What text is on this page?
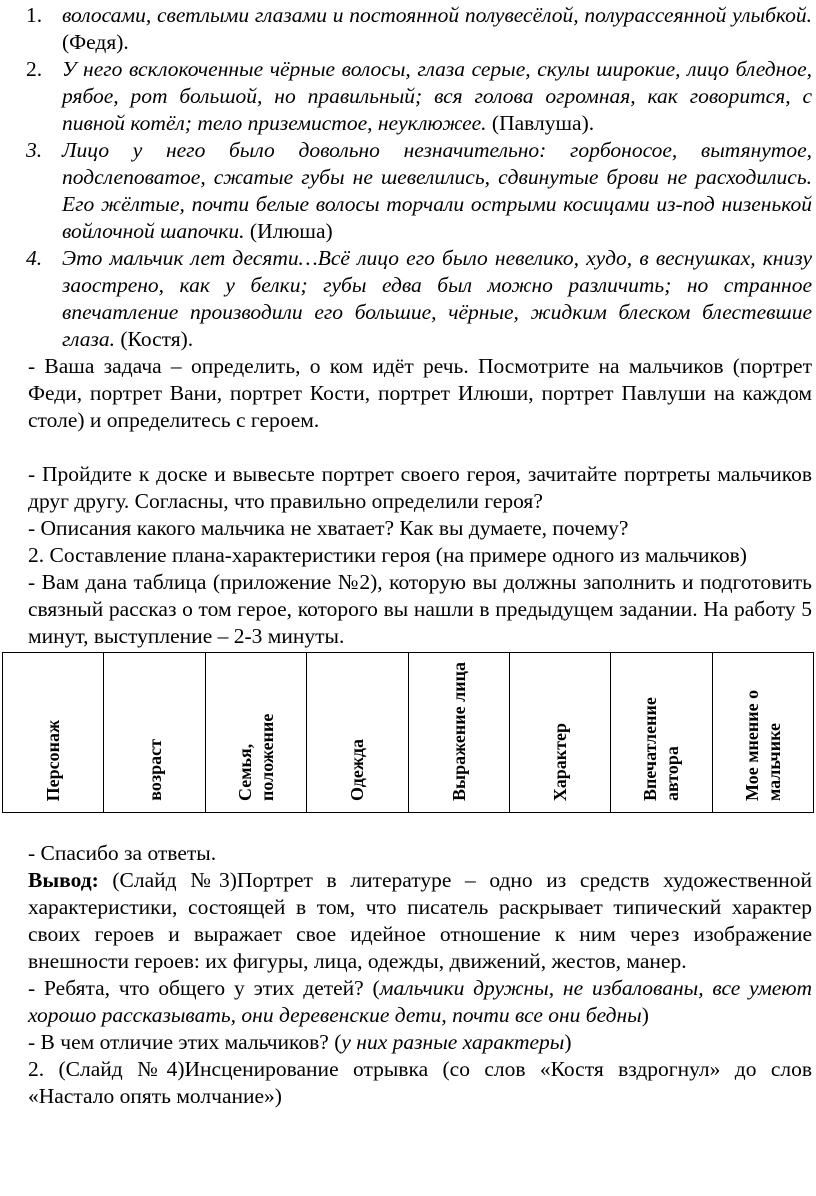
1. волосами, светлыми глазами и постоянной полувесёлой, полурассеянной улыбкой. (Федя).
2. У него всклокоченные чёрные волосы, глаза серые, скулы широкие, лицо бледное, рябое, рот большой, но правильный; вся голова огромная, как говорится, с пивной котёл; тело приземистое, неуклюжее. (Павлуша).
3. Лицо у него было довольно незначительно: горбоносое, вытянутое, подслеповатое, сжатые губы не шевелились, сдвинутые брови не расходились. Его жёлтые, почти белые волосы торчали острыми косицами из-под низенькой войлочной шапочки. (Илюша)
4. Это мальчик лет десяти…Всё лицо его было невелико, худо, в веснушках, книзу заострено, как у белки; губы едва был можно различить; но странное впечатление производили его большие, чёрные, жидким блеском блестевшие глаза. (Костя).

- Ваша задача – определить, о ком идёт речь. Посмотрите на мальчиков (портрет Феди, портрет Вани, портрет Кости, портрет Илюши, портрет Павлуши на каждом столе) и определитесь с героем.

- Пройдите к доске и вывесьте портрет своего героя, зачитайте портреты мальчиков друг другу. Согласны, что правильно определили героя?

- Описания какого мальчика не хватает? Как вы думаете, почему?

2. Составление плана-характеристики героя (на примере одного из мальчиков)

- Вам дана таблица (приложение №2), которую вы должны заполнить и подготовить связный рассказ о том герое, которого вы нашли в предыдущем задании. На работу 5 минут, выступление – 2-3 минуты.

Персонаж	возраст	Семья, положение	Одежда	Выражение лица	Характер	Впечатление автора	Мое мнение о мальчике

- Спасибо за ответы.

Вывод: (Слайд №3)Портрет в литературе – одно из средств художественной характеристики, состоящей в том, что писатель раскрывает типический характер своих героев и выражает свое идейное отношение к ним через изображение внешности героев: их фигуры, лица, одежды, движений, жестов, манер.

- Ребята, что общего у этих детей? (мальчики дружны, не избалованы, все умеют хорошо рассказывать, они деревенские дети, почти все они бедны)

- В чем отличие этих мальчиков? (у них разные характеры)

2. (Слайд №4)Инсценирование отрывка (со слов «Костя вздрогнул» до слов «Настало опять молчание»)
